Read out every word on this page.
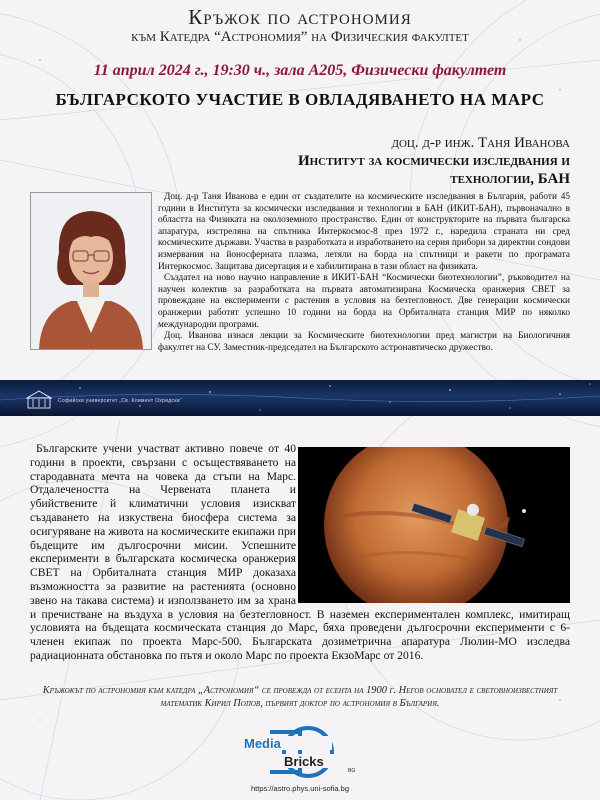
Кръжок по астрономия
към Катедра “Астрономия” на Физическия факултет
11 април 2024 г., 19:30 ч., зала А205, Физически факултет
БЪЛГАРСКОТО УЧАСТИЕ В ОВЛАДЯВАНЕТО НА МАРС
доц. д-р инж. Таня Иванова
Институт за космически изследвания и технологии, БАН

Доц. д-р Таня Иванова е един от създателите на космическите изследвания в България, работи 45 години в Института за космически изследвания и технологии в БАН (ИКИТ-БАН), първоначално в областта на Физиката на околоземното пространство. Един от конструкторите на първата българска апаратура, изстреляна на спътника Интеркосмос-8 през 1972 г., наредила страната ни сред космическите държави. Участва в разработката и изработването на серия прибори за директни сондови измервания на йоносферната плазма, летяли на борда на спътници и ракети по програмата Интеркосмос. Защитава дисертация и е хабилитирана в тази област на физиката.

Създател на ново научно направление в ИКИТ-БАН “Космически биотехнологии”, ръководител на научен колектив за разработката на първата автоматизирана Космическа оранжерия СВЕТ за провеждане на експерименти с растения в условия на безтегловност. Две генерации космически оранжерии работят успешно 10 години на борда на Орбиталната станция МИР по няколко международни програми.

Доц. Иванова изнася лекции за Космическите биотехнологии пред магистри на Биологичния факултет на СУ. Заместник-председател на Българското астронавтическо дружество.

Софийски университет „Св. Климент Охридски“

Българските учени участват активно повече от 40 години в проекти, свързани с осъществяването на стародавната мечта на човека да стъпи на Марс. Отдалечеността на Червената планета и убийствените й климатични условия изискват създаването на изкуствена биосфера система за осигуряване на живота на космическите екипажи при бъдещите им дългосрочни мисии. Успешните експерименти в българската космическа оранжерия СВЕТ на Орбиталната станция МИР доказаха възможността за развитие на растенията (основно звено на такава система) и използването им за храна и пречистване на въздуха в условия на безтегловност. В наземен експериментален комплекс, имитиращ условията на бъдещата космическата станция до Марс, бяха проведени дългосрочни експерименти с 6-членен екипаж по проекта Марс-500. Българската дозиметрична апаратура Люлин-МО изследва радиационната обстановка по пътя и около Марс по проекта ЕкзоМарс от 2016.

Кръжокът по астрономия към катедра „Астрономия“ се провежда от есента на 1900 г. Негов основател е световноизвестният математик Кирил Попов, първият доктор по астрономия в България.
Media
Bricks
BG
https://astro.phys.uni-sofia.bg
